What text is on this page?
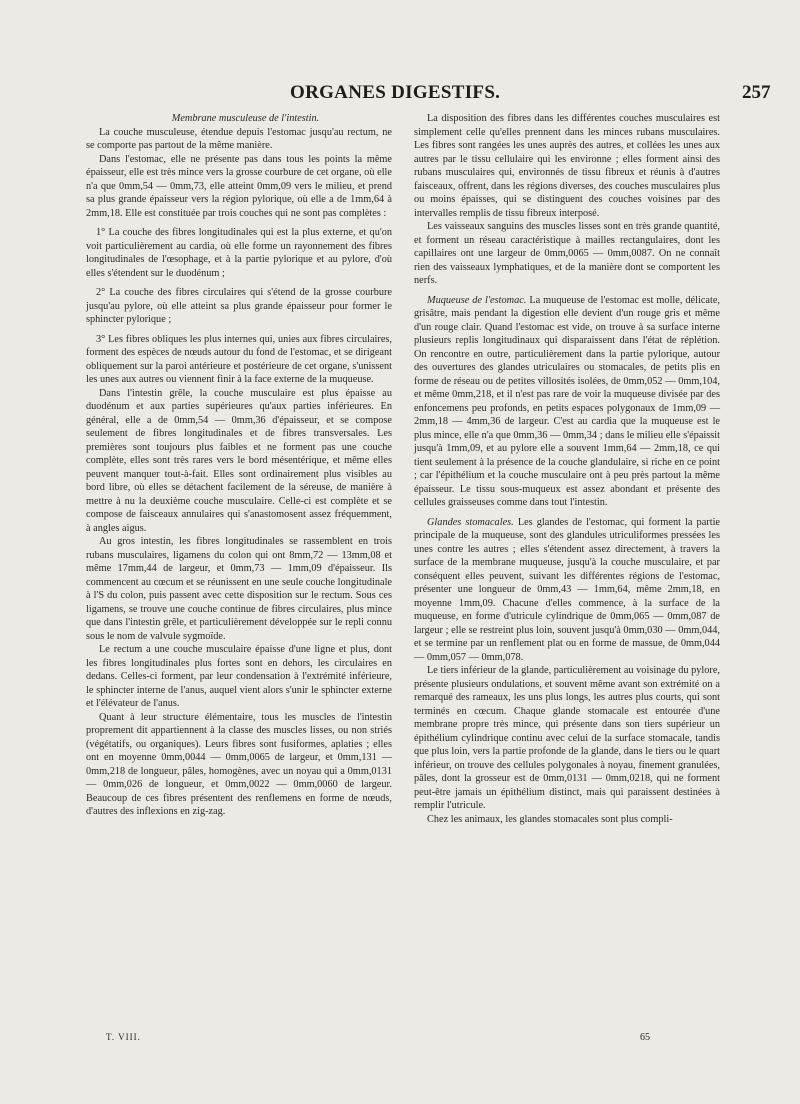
ORGANES DIGESTIFS.	257

Membrane musculeuse de l'intestin.

La couche musculeuse, étendue depuis l'estomac jusqu'au rectum, ne se comporte pas partout de la même manière.

Dans l'estomac, elle ne présente pas dans tous les points la même épaisseur, elle est très mince vers la grosse courbure de cet organe, où elle n'a que 0mm,54 — 0mm,73, elle atteint 0mm,09 vers le milieu, et prend sa plus grande épaisseur vers la région pylorique, où elle a de 1mm,64 à 2mm,18. Elle est constituée par trois couches qui ne sont pas complètes :

1° La couche des fibres longitudinales qui est la plus externe, et qu'on voit particulièrement au cardia, où elle forme un rayonnement des fibres longitudinales de l'œsophage, et à la partie pylorique et au pylore, d'où elles s'étendent sur le duodénum ;

2° La couche des fibres circulaires qui s'étend de la grosse courbure jusqu'au pylore, où elle atteint sa plus grande épaisseur pour former le sphincter pylorique ;

3° Les fibres obliques les plus internes qui, unies aux fibres circulaires, forment des espèces de nœuds autour du fond de l'estomac, et se dirigeant obliquement sur la paroi antérieure et postérieure de cet organe, s'unissent les unes aux autres ou viennent finir à la face externe de la muqueuse.

Dans l'intestin grêle, la couche musculaire est plus épaisse au duodénum et aux parties supérieures qu'aux parties inférieures. En général, elle a de 0mm,54 — 0mm,36 d'épaisseur, et se compose seulement de fibres longitudinales et de fibres transversales. Les premières sont toujours plus faibles et ne forment pas une couche complète, elles sont très rares vers le bord mésentérique, et même elles peuvent manquer tout-à-fait. Elles sont ordinairement plus visibles au bord libre, où elles se détachent facilement de la séreuse, de manière à mettre à nu la deuxième couche musculaire. Celle-ci est complète et se compose de faisceaux annulaires qui s'anastomosent assez fréquemment, à angles aigus.

Au gros intestin, les fibres longitudinales se rassemblent en trois rubans musculaires, ligamens du colon qui ont 8mm,72 — 13mm,08 et même 17mm,44 de largeur, et 0mm,73 — 1mm,09 d'épaisseur. Ils commencent au cœcum et se réunissent en une seule couche longitudinale à l'S du colon, puis passent avec cette disposition sur le rectum. Sous ces ligamens, se trouve une couche continue de fibres circulaires, plus mince que dans l'intestin grêle, et particulièrement développée sur le repli connu sous le nom de valvule sygmoïde.

Le rectum a une couche musculaire épaisse d'une ligne et plus, dont les fibres longitudinales plus fortes sont en dehors, les circulaires en dedans. Celles-ci forment, par leur condensation à l'extrémité inférieure, le sphincter interne de l'anus, auquel vient alors s'unir le sphincter externe et l'élévateur de l'anus.

Quant à leur structure élémentaire, tous les muscles de l'intestin proprement dit appartiennent à la classe des muscles lisses, ou non striés (végétatifs, ou organiques). Leurs fibres sont fusiformes, aplaties ; elles ont en moyenne 0mm,0044 — 0mm,0065 de largeur, et 0mm,131 — 0mm,218 de longueur, pâles, homogènes, avec un noyau qui a 0mm,0131 — 0mm,026 de longueur, et 0mm,0022 — 0mm,0060 de largeur. Beaucoup de ces fibres présentent des renflemens en forme de nœuds, d'autres des inflexions en zig-zag.

La disposition des fibres dans les différentes couches musculaires est simplement celle qu'elles prennent dans les minces rubans musculaires. Les fibres sont rangées les unes auprès des autres, et collées les unes aux autres par le tissu cellulaire qui les environne ; elles forment ainsi des rubans musculaires qui, environnés de tissu fibreux et réunis à d'autres faisceaux, offrent, dans les régions diverses, des couches musculaires plus ou moins épaisses, qui se distinguent des couches voisines par des intervalles remplis de tissu fibreux interposé.

Les vaisseaux sanguins des muscles lisses sont en très grande quantité, et forment un réseau caractéristique à mailles rectangulaires, dont les capillaires ont une largeur de 0mm,0065 — 0mm,0087. On ne connaît rien des vaisseaux lymphatiques, et de la manière dont se comportent les nerfs.

Muqueuse de l'estomac. La muqueuse de l'estomac est molle, délicate, grisâtre, mais pendant la digestion elle devient d'un rouge gris et même d'un rouge clair. Quand l'estomac est vide, on trouve à sa surface interne plusieurs replis longitudinaux qui disparaissent dans l'état de réplétion. On rencontre en outre, particulièrement dans la partie pylorique, autour des ouvertures des glandes utriculaires ou stomacales, de petits plis en forme de réseau ou de petites villosités isolées, de 0mm,052 — 0mm,104, et même 0mm,218, et il n'est pas rare de voir la muqueuse divisée par des enfoncemens peu profonds, en petits espaces polygonaux de 1mm,09 — 2mm,18 — 4mm,36 de largeur. C'est au cardia que la muqueuse est le plus mince, elle n'a que 0mm,36 — 0mm,34 ; dans le milieu elle s'épaissit jusqu'à 1mm,09, et au pylore elle a souvent 1mm,64 — 2mm,18, ce qui tient seulement à la présence de la couche glandulaire, si riche en ce point ; car l'épithélium et la couche musculaire ont à peu près partout la même épaisseur. Le tissu sous-muqueux est assez abondant et présente des cellules graisseuses comme dans tout l'intestin.

Glandes stomacales. Les glandes de l'estomac, qui forment la partie principale de la muqueuse, sont des glandules utriculiformes pressées les unes contre les autres ; elles s'étendent assez directement, à travers la surface de la membrane muqueuse, jusqu'à la couche musculaire, et par conséquent elles peuvent, suivant les différentes régions de l'estomac, présenter une longueur de 0mm,43 — 1mm,64, même 2mm,18, en moyenne 1mm,09. Chacune d'elles commence, à la surface de la muqueuse, en forme d'utricule cylindrique de 0mm,065 — 0mm,087 de largeur ; elle se restreint plus loin, souvent jusqu'à 0mm,030 — 0mm,044, et se termine par un renflement plat ou en forme de massue, de 0mm,044 — 0mm,057 — 0mm,078.

Le tiers inférieur de la glande, particulièrement au voisinage du pylore, présente plusieurs ondulations, et souvent même avant son extrémité on a remarqué des rameaux, les uns plus longs, les autres plus courts, qui sont terminés en cœcum. Chaque glande stomacale est entourée d'une membrane propre très mince, qui présente dans son tiers supérieur un épithélium cylindrique continu avec celui de la surface stomacale, tandis que plus loin, vers la partie profonde de la glande, dans le tiers ou le quart inférieur, on trouve des cellules polygonales à noyau, finement granulées, pâles, dont la grosseur est de 0mm,0131 — 0mm,0218, qui ne forment peut-être jamais un épithélium distinct, mais qui paraissent destinées à remplir l'utricule.

Chez les animaux, les glandes stomacales sont plus compli-

T. VIII.	65
